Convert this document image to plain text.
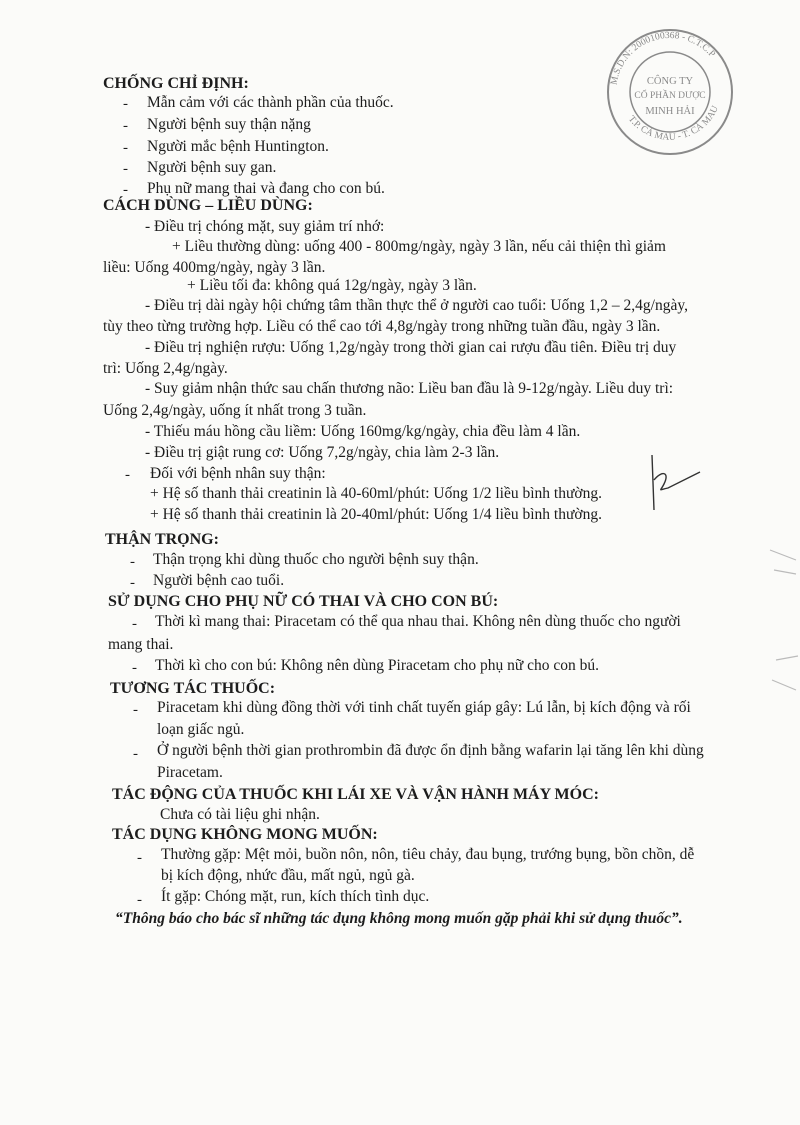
M.S.D.N: 2000100368 - C.T.C.P
T.P. CÀ MAU - T. CÀ MAU
CÔNG TY
CỔ PHẦN DƯỢC
MINH HẢI
CHỐNG CHỈ ĐỊNH:
- Mẫn cảm với các thành phần của thuốc.
- Người bệnh suy thận nặng
- Người mắc bệnh Huntington.
- Người bệnh suy gan.
- Phụ nữ mang thai và đang cho con bú.
CÁCH DÙNG – LIỀU DÙNG:
- Điều trị chóng mặt, suy giảm trí nhớ:
+ Liều thường dùng: uống 400 - 800mg/ngày, ngày 3 lần, nếu cải thiện thì giảm
liều: Uống 400mg/ngày, ngày 3 lần.
+ Liều tối đa: không quá 12g/ngày, ngày 3 lần.
- Điều trị dài ngày hội chứng tâm thần thực thể ở người cao tuổi: Uống 1,2 – 2,4g/ngày,
tùy theo từng trường hợp. Liều có thể cao tới 4,8g/ngày trong những tuần đầu, ngày 3 lần.
- Điều trị nghiện rượu: Uống 1,2g/ngày trong thời gian cai rượu đầu tiên. Điều trị duy
trì: Uống 2,4g/ngày.
- Suy giảm nhận thức sau chấn thương não: Liều ban đầu là 9-12g/ngày. Liều duy trì:
Uống 2,4g/ngày, uống ít nhất trong 3 tuần.
- Thiếu máu hồng cầu liềm: Uống 160mg/kg/ngày, chia đều làm 4 lần.
- Điều trị giật rung cơ: Uống 7,2g/ngày, chia làm 2-3 lần.
- Đối với bệnh nhân suy thận:
+ Hệ số thanh thải creatinin là 40-60ml/phút: Uống 1/2 liều bình thường.
+ Hệ số thanh thải creatinin là 20-40ml/phút: Uống 1/4 liều bình thường.
THẬN TRỌNG:
- Thận trọng khi dùng thuốc cho người bệnh suy thận.
- Người bệnh cao tuổi.
SỬ DỤNG CHO PHỤ NỮ CÓ THAI VÀ CHO CON BÚ:
- Thời kì mang thai: Piracetam có thể qua nhau thai. Không nên dùng thuốc cho người
mang thai.
- Thời kì cho con bú: Không nên dùng Piracetam cho phụ nữ cho con bú.
TƯƠNG TÁC THUỐC:
- Piracetam khi dùng đồng thời với tinh chất tuyến giáp gây: Lú lẫn, bị kích động và rối
loạn giấc ngủ.
- Ở người bệnh thời gian prothrombin đã được ổn định bằng wafarin lại tăng lên khi dùng
Piracetam.
TÁC ĐỘNG CỦA THUỐC KHI LÁI XE VÀ VẬN HÀNH MÁY MÓC:
Chưa có tài liệu ghi nhận.
TÁC DỤNG KHÔNG MONG MUỐN:
- Thường gặp: Mệt mỏi, buồn nôn, nôn, tiêu chảy, đau bụng, trướng bụng, bồn chồn, dễ
bị kích động, nhức đầu, mất ngủ, ngủ gà.
- Ít gặp: Chóng mặt, run, kích thích tình dục.
“Thông báo cho bác sĩ những tác dụng không mong muốn gặp phải khi sử dụng thuốc”.
